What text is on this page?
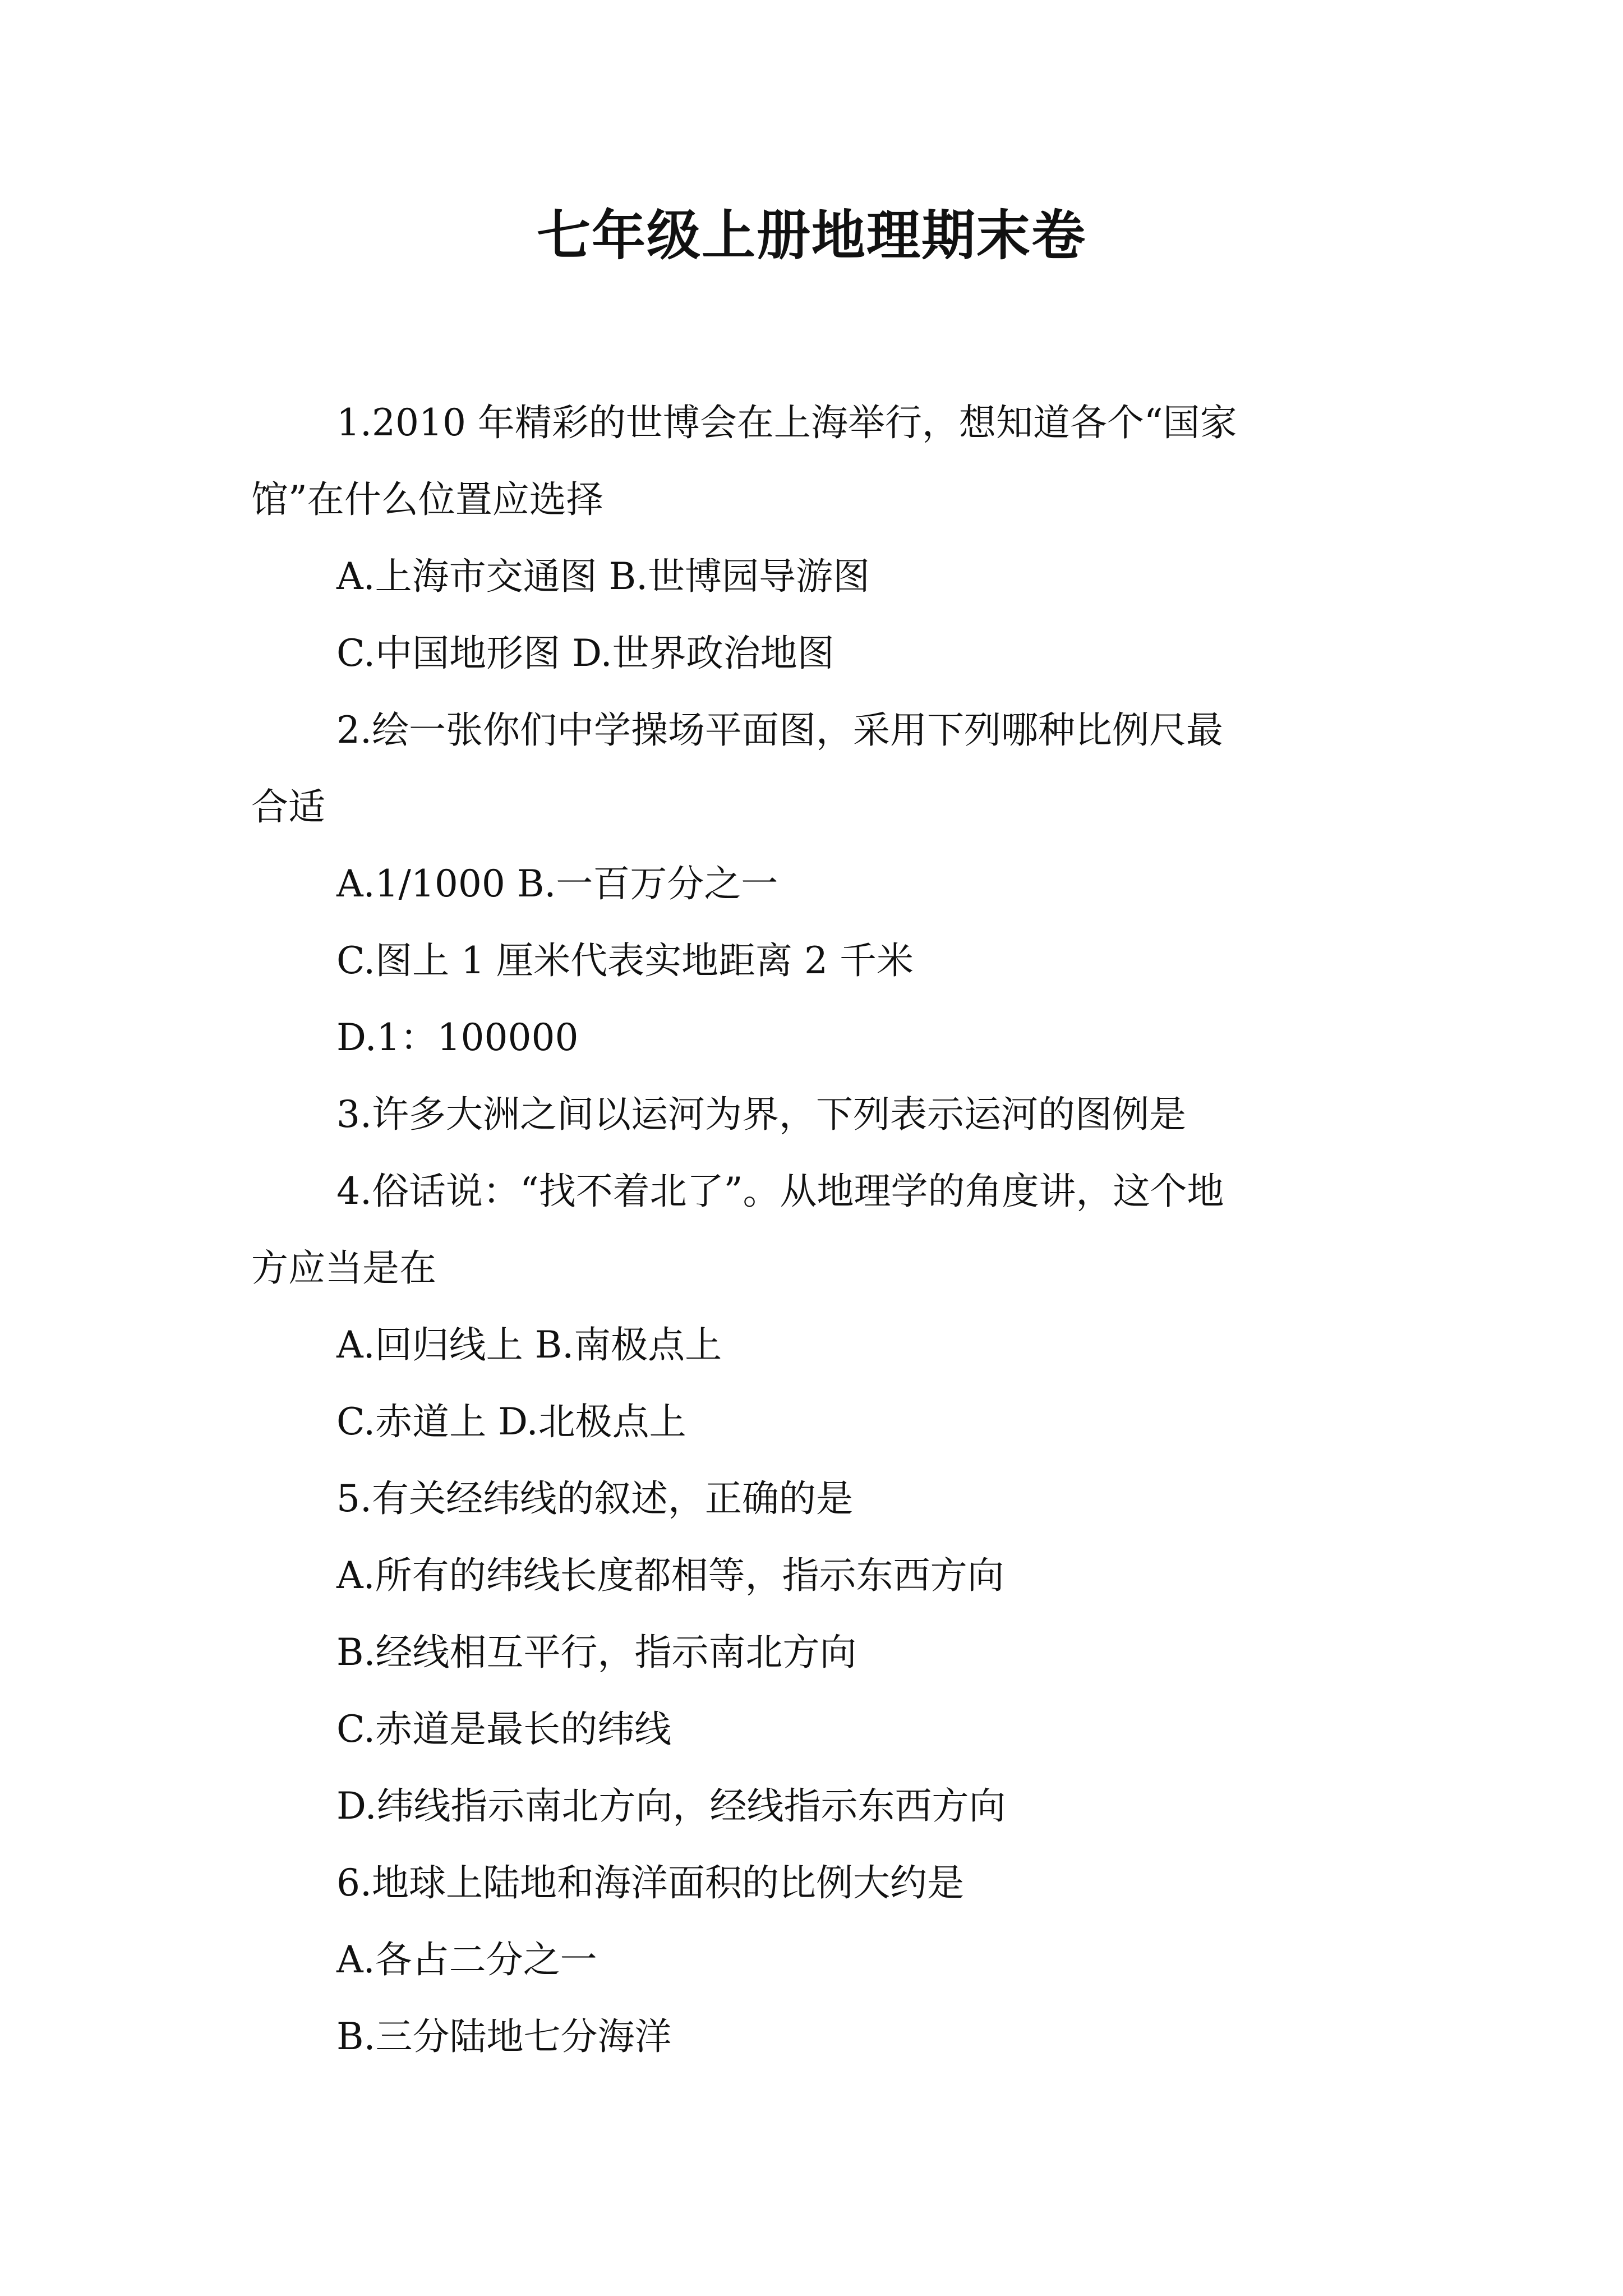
七年级上册地理期末卷
1.2010 年精彩的世博会在上海举行，想知道各个“国家
馆”在什么位置应选择
A.上海市交通图 B.世博园导游图
C.中国地形图 D.世界政治地图
2.绘一张你们中学操场平面图，采用下列哪种比例尺最
合适
A.1/1000 B.一百万分之一
C.图上 1 厘米代表实地距离 2 千米
D.1：100000
3.许多大洲之间以运河为界，下列表示运河的图例是
4.俗话说：“找不着北了”。从地理学的角度讲，这个地
方应当是在
A.回归线上 B.南极点上
C.赤道上 D.北极点上
5.有关经纬线的叙述，正确的是
A.所有的纬线长度都相等，指示东西方向
B.经线相互平行，指示南北方向
C.赤道是最长的纬线
D.纬线指示南北方向，经线指示东西方向
6.地球上陆地和海洋面积的比例大约是
A.各占二分之一
B.三分陆地七分海洋
